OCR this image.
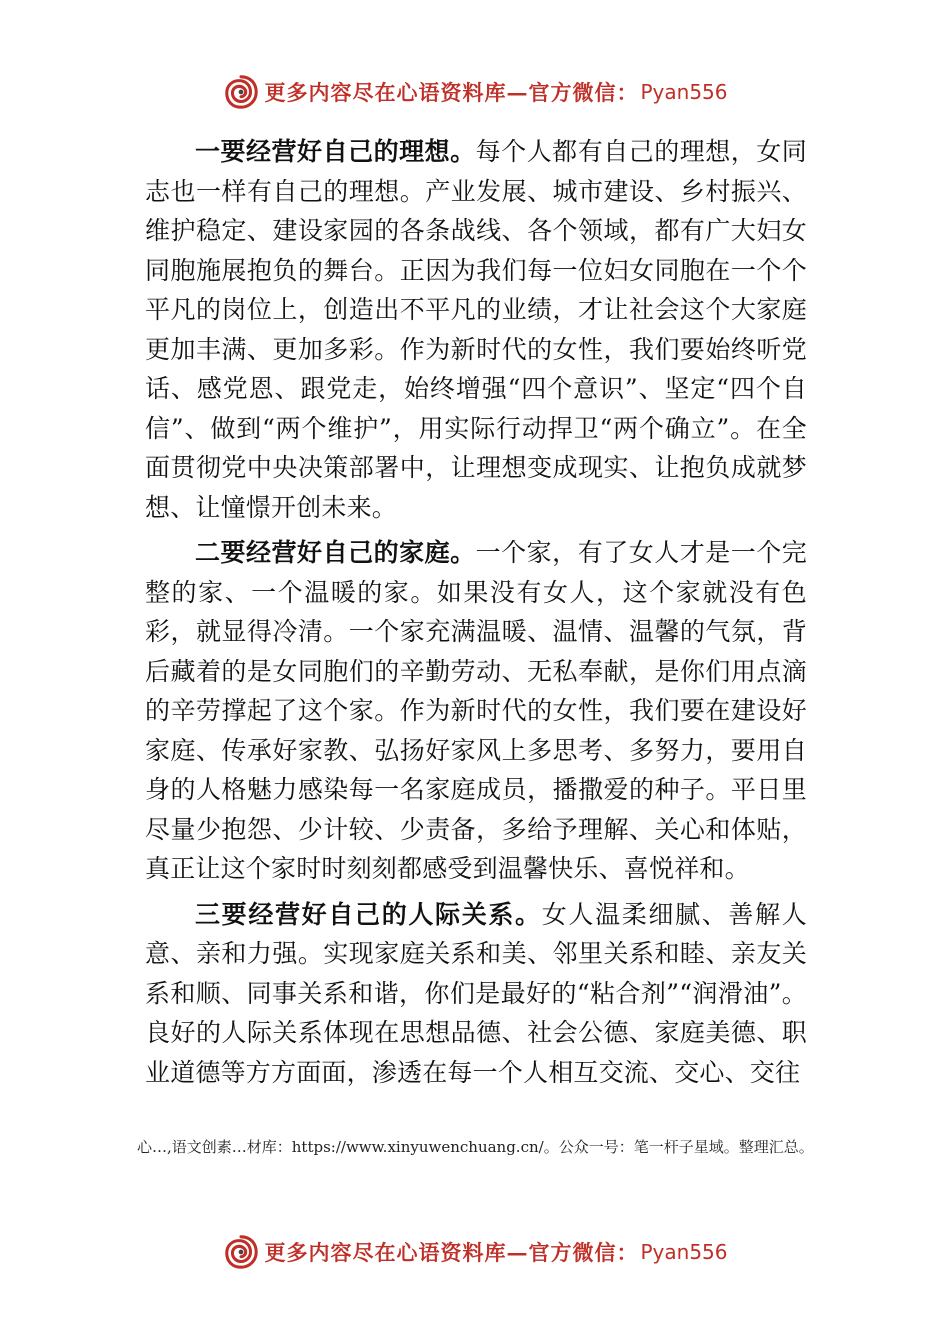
更多内容尽在心语资料库—官方微信： Pyan556

一要经营好自己的理想。每个人都有自己的理想，女同志也一样有自己的理想。产业发展、城市建设、乡村振兴、维护稳定、建设家园的各条战线、各个领域，都有广大妇女同胞施展抱负的舞台。正因为我们每一位妇女同胞在一个个平凡的岗位上，创造出不平凡的业绩，才让社会这个大家庭更加丰满、更加多彩。作为新时代的女性，我们要始终听党话、感党恩、跟党走，始终增强“四个意识”、坚定“四个自信”、做到“两个维护”，用实际行动捍卫“两个确立”。在全面贯彻党中央决策部署中，让理想变成现实、让抱负成就梦想、让憧憬开创未来。

二要经营好自己的家庭。一个家，有了女人才是一个完整的家、一个温暖的家。如果没有女人，这个家就没有色彩，就显得冷清。一个家充满温暖、温情、温馨的气氛，背后藏着的是女同胞们的辛勤劳动、无私奉献，是你们用点滴的辛劳撑起了这个家。作为新时代的女性，我们要在建设好家庭、传承好家教、弘扬好家风上多思考、多努力，要用自身的人格魅力感染每一名家庭成员，播撒爱的种子。平日里尽量少抱怨、少计较、少责备，多给予理解、关心和体贴，真正让这个家时时刻刻都感受到温馨快乐、喜悦祥和。

三要经营好自己的人际关系。女人温柔细腻、善解人意、亲和力强。实现家庭关系和美、邻里关系和睦、亲友关系和顺、同事关系和谐，你们是最好的“粘合剂”“润滑油”。良好的人际关系体现在思想品德、社会公德、家庭美德、职业道德等方方面面，渗透在每一个人相互交流、交心、交往

心…,语文创素…材库：https://www.xinyuwenchuang.cn/。公众一号：笔一杆子星域。整理汇总。
更多内容尽在心语资料库—官方微信： Pyan556
